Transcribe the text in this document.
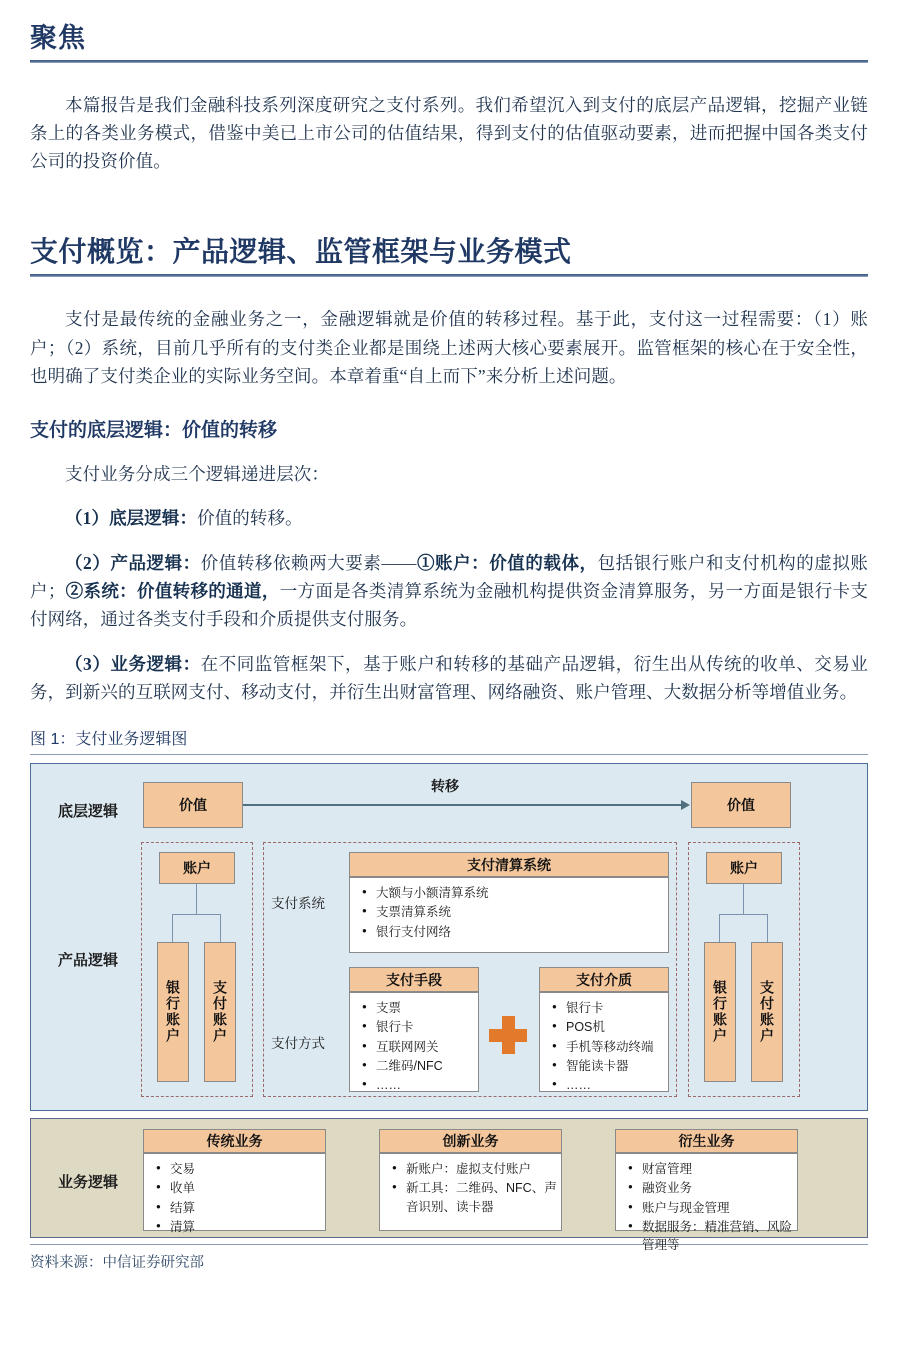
聚焦

本篇报告是我们金融科技系列深度研究之支付系列。我们希望沉入到支付的底层产品逻辑，挖掘产业链条上的各类业务模式，借鉴中美已上市公司的估值结果，得到支付的估值驱动要素，进而把握中国各类支付公司的投资价值。

支付概览：产品逻辑、监管框架与业务模式

支付是最传统的金融业务之一，金融逻辑就是价值的转移过程。基于此，支付这一过程需要：（1）账户；（2）系统，目前几乎所有的支付类企业都是围绕上述两大核心要素展开。监管框架的核心在于安全性，也明确了支付类企业的实际业务空间。本章着重“自上而下”来分析上述问题。

支付的底层逻辑：价值的转移

支付业务分成三个逻辑递进层次：

（1）底层逻辑：价值的转移。

（2）产品逻辑：价值转移依赖两大要素——①账户：价值的载体，包括银行账户和支付机构的虚拟账户；②系统：价值转移的通道，一方面是各类清算系统为金融机构提供资金清算服务，另一方面是银行卡支付网络，通过各类支付手段和介质提供支付服务。

（3）业务逻辑：在不同监管框架下，基于账户和转移的基础产品逻辑，衍生出从传统的收单、交易业务，到新兴的互联网支付、移动支付，并衍生出财富管理、网络融资、账户管理、大数据分析等增值业务。

图 1：支付业务逻辑图
底层逻辑	价值
转移
价值
产品逻辑
账户
银行账户	支付账户
支付系统
支付方式
支付清算系统
● 大额与小额清算系统
● 支票清算系统
● 银行支付网络
支付手段
● 支票
● 银行卡
● 互联网网关
● 二维码/NFC
● ……
支付介质
● 银行卡
● POS机
● 手机等移动终端
● 智能读卡器
● ……
账户
银行账户	支付账户
业务逻辑
传统业务
● 交易
● 收单
● 结算
● 清算
创新业务
● 新账户：虚拟支付账户
● 新工具：二维码、NFC、声音识别、读卡器
衍生业务
● 财富管理
● 融资业务
● 账户与现金管理
● 数据服务：精准营销、风险管理等
资料来源：中信证券研究部
